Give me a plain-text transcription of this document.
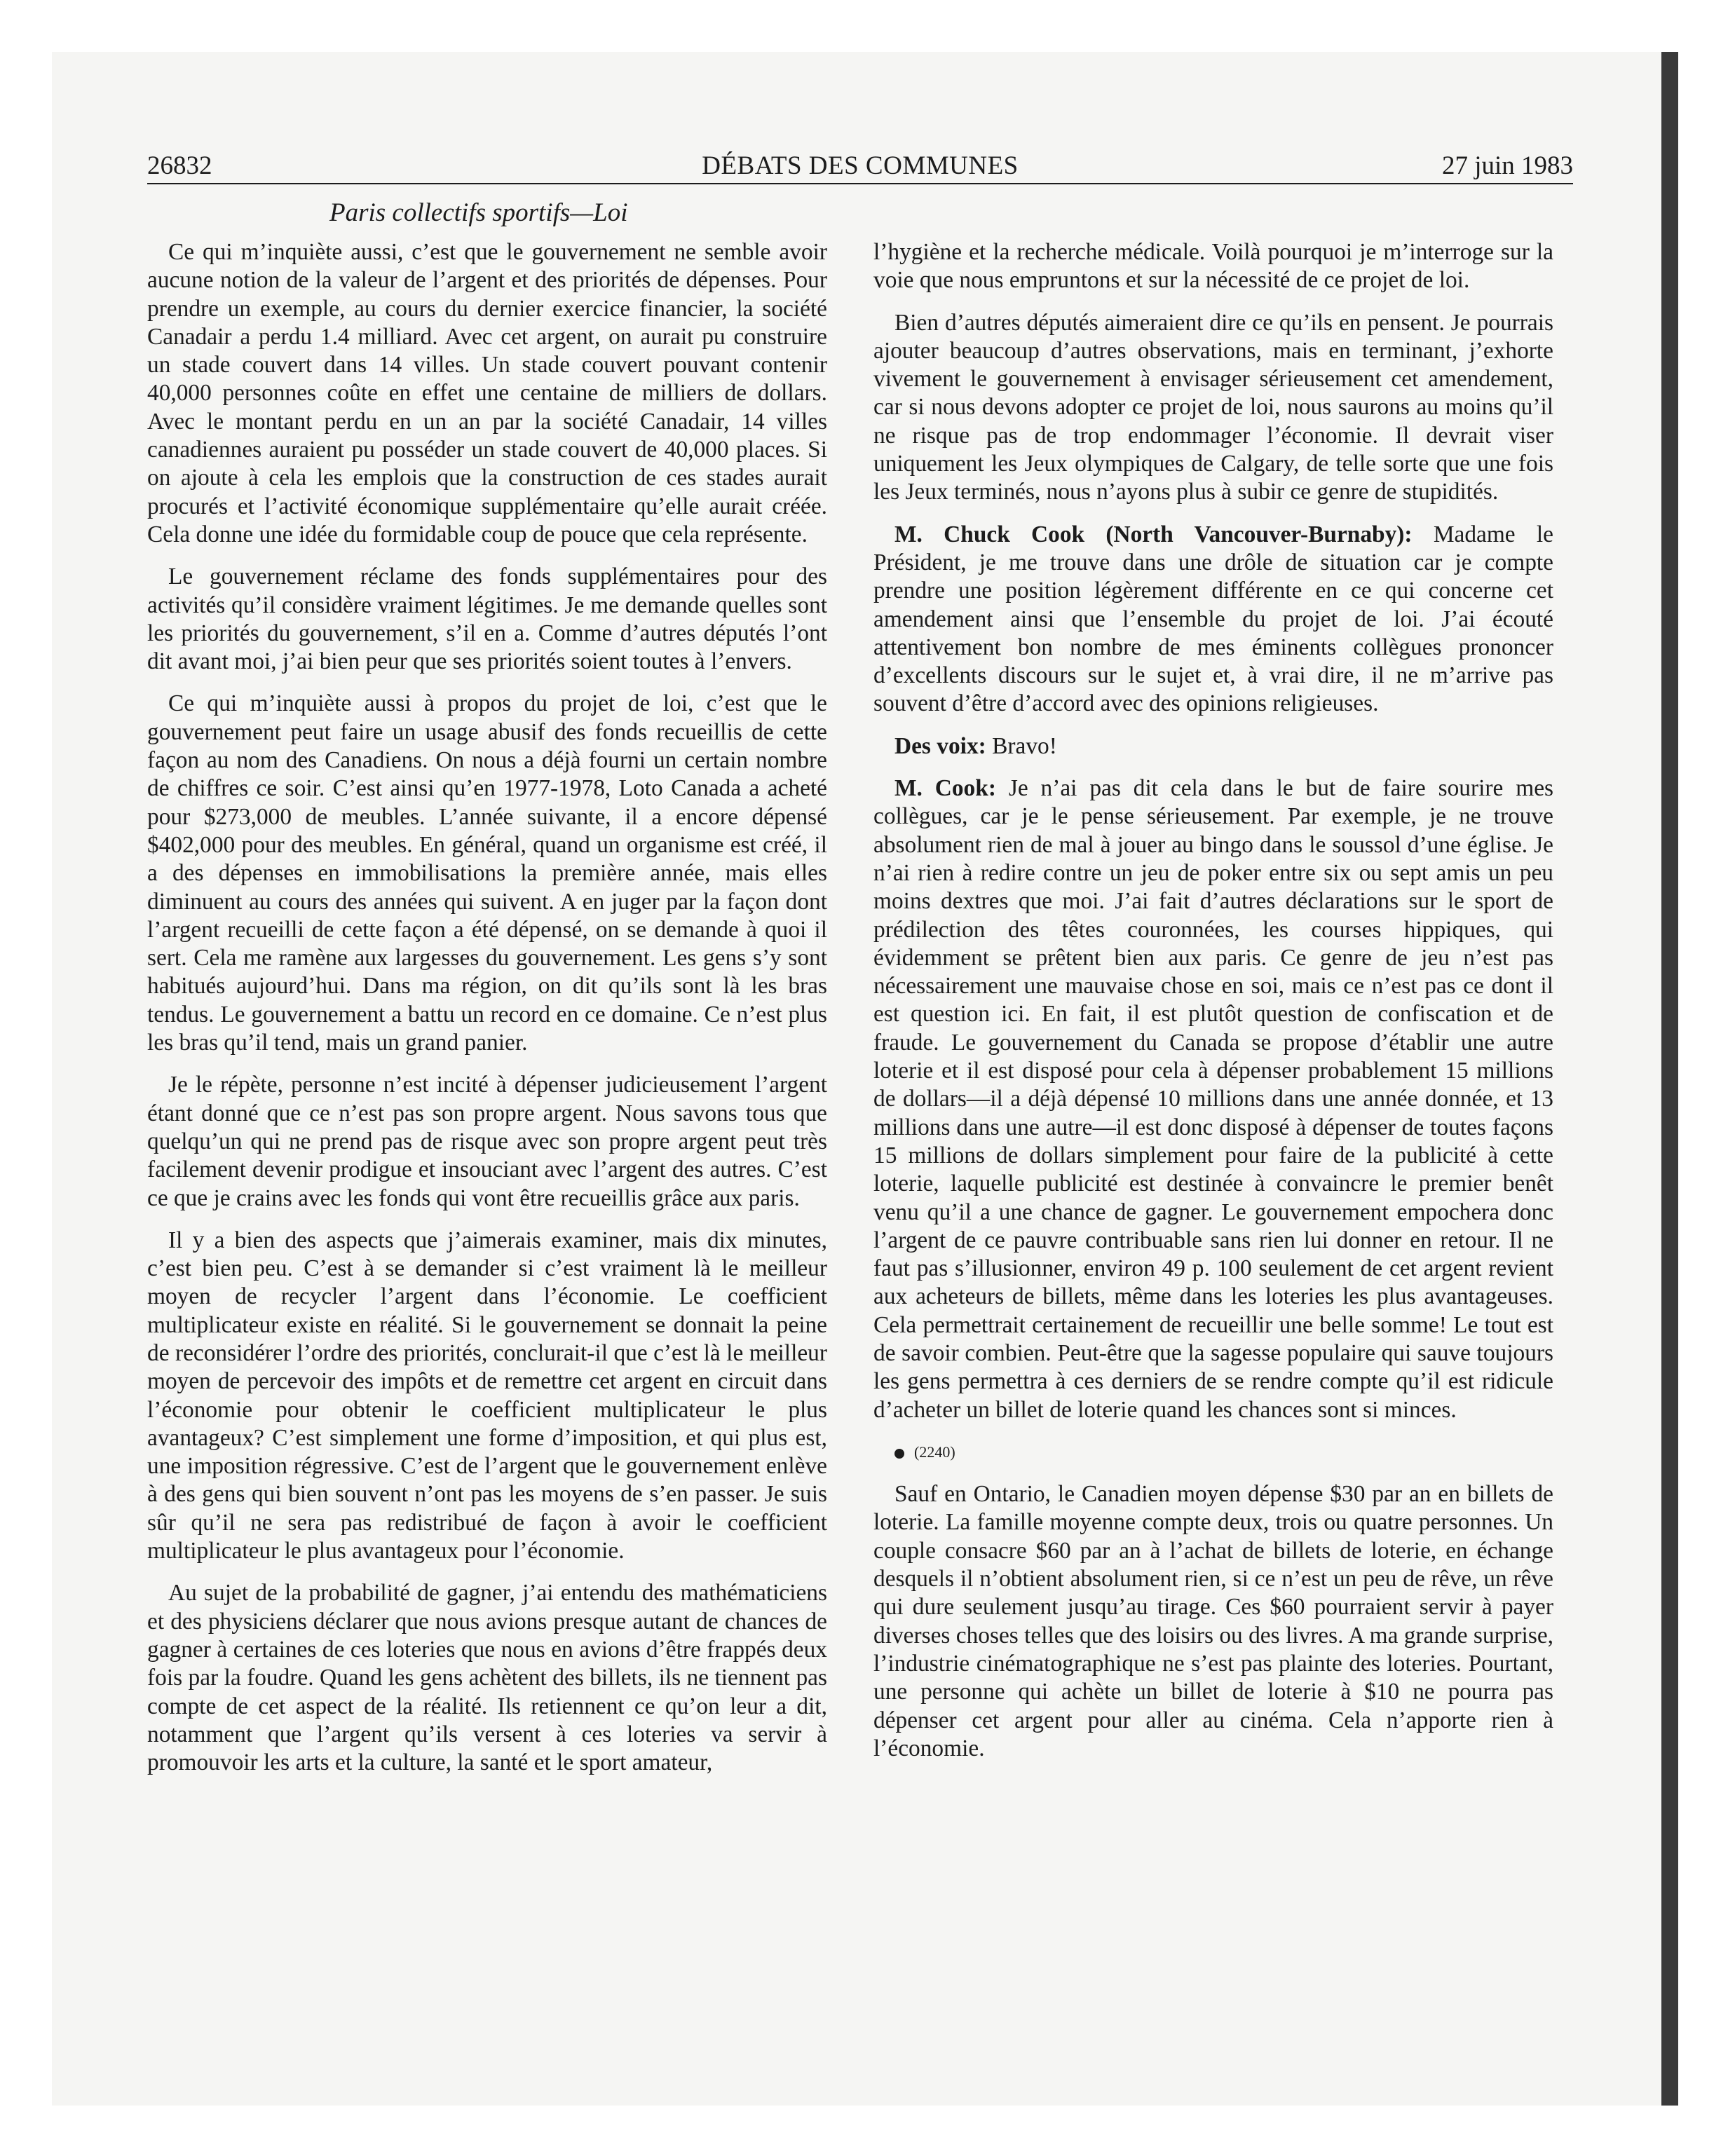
DÉBATS DES COMMUNES
26832	27 juin 1983
Paris collectifs sportifs—Loi

Ce qui m’inquiète aussi, c’est que le gouvernement ne semble avoir aucune notion de la valeur de l’argent et des priorités de dépenses. Pour prendre un exemple, au cours du dernier exercice financier, la société Canadair a perdu 1.4 milliard. Avec cet argent, on aurait pu construire un stade couvert dans 14 villes. Un stade couvert pouvant contenir 40,000 personnes coûte en effet une centaine de milliers de dollars. Avec le montant perdu en un an par la société Canadair, 14 villes canadiennes auraient pu posséder un stade couvert de 40,000 places. Si on ajoute à cela les emplois que la construction de ces stades aurait procurés et l’activité économique supplémentaire qu’elle aurait créée. Cela donne une idée du formidable coup de pouce que cela représente.

Le gouvernement réclame des fonds supplémentaires pour des activités qu’il considère vraiment légitimes. Je me demande quelles sont les priorités du gouvernement, s’il en a. Comme d’autres députés l’ont dit avant moi, j’ai bien peur que ses priorités soient toutes à l’envers.

Ce qui m’inquiète aussi à propos du projet de loi, c’est que le gouvernement peut faire un usage abusif des fonds recueillis de cette façon au nom des Canadiens. On nous a déjà fourni un certain nombre de chiffres ce soir. C’est ainsi qu’en 1977-1978, Loto Canada a acheté pour $273,000 de meubles. L’année suivante, il a encore dépensé $402,000 pour des meubles. En général, quand un organisme est créé, il a des dépenses en immobilisations la première année, mais elles diminuent au cours des années qui suivent. A en juger par la façon dont l’argent recueilli de cette façon a été dépensé, on se demande à quoi il sert. Cela me ramène aux largesses du gouvernement. Les gens s’y sont habitués aujourd’hui. Dans ma région, on dit qu’ils sont là les bras tendus. Le gouvernement a battu un record en ce domaine. Ce n’est plus les bras qu’il tend, mais un grand panier.

Je le répète, personne n’est incité à dépenser judicieusement l’argent étant donné que ce n’est pas son propre argent. Nous savons tous que quelqu’un qui ne prend pas de risque avec son propre argent peut très facilement devenir prodigue et insouciant avec l’argent des autres. C’est ce que je crains avec les fonds qui vont être recueillis grâce aux paris.

Il y a bien des aspects que j’aimerais examiner, mais dix minutes, c’est bien peu. C’est à se demander si c’est vraiment là le meilleur moyen de recycler l’argent dans l’économie. Le coefficient multiplicateur existe en réalité. Si le gouvernement se donnait la peine de reconsidérer l’ordre des priorités, conclurait-il que c’est là le meilleur moyen de percevoir des impôts et de remettre cet argent en circuit dans l’économie pour obtenir le coefficient multiplicateur le plus avantageux? C’est simplement une forme d’imposition, et qui plus est, une imposition régressive. C’est de l’argent que le gouvernement enlève à des gens qui bien souvent n’ont pas les moyens de s’en passer. Je suis sûr qu’il ne sera pas redistribué de façon à avoir le coefficient multiplicateur le plus avantageux pour l’économie.

Au sujet de la probabilité de gagner, j’ai entendu des mathématiciens et des physiciens déclarer que nous avions presque autant de chances de gagner à certaines de ces loteries que nous en avions d’être frappés deux fois par la foudre. Quand les gens achètent des billets, ils ne tiennent pas compte de cet aspect de la réalité. Ils retiennent ce qu’on leur a dit, notamment que l’argent qu’ils versent à ces loteries va servir à promouvoir les arts et la culture, la santé et le sport amateur,

l’hygiène et la recherche médicale. Voilà pourquoi je m’interroge sur la voie que nous empruntons et sur la nécessité de ce projet de loi.

Bien d’autres députés aimeraient dire ce qu’ils en pensent. Je pourrais ajouter beaucoup d’autres observations, mais en terminant, j’exhorte vivement le gouvernement à envisager sérieusement cet amendement, car si nous devons adopter ce projet de loi, nous saurons au moins qu’il ne risque pas de trop endommager l’économie. Il devrait viser uniquement les Jeux olympiques de Calgary, de telle sorte que une fois les Jeux terminés, nous n’ayons plus à subir ce genre de stupidités.

M. Chuck Cook (North Vancouver-Burnaby): Madame le Président, je me trouve dans une drôle de situation car je compte prendre une position légèrement différente en ce qui concerne cet amendement ainsi que l’ensemble du projet de loi. J’ai écouté attentivement bon nombre de mes éminents collègues prononcer d’excellents discours sur le sujet et, à vrai dire, il ne m’arrive pas souvent d’être d’accord avec des opinions religieuses.

Des voix: Bravo!

M. Cook: Je n’ai pas dit cela dans le but de faire sourire mes collègues, car je le pense sérieusement. Par exemple, je ne trouve absolument rien de mal à jouer au bingo dans le soussol d’une église. Je n’ai rien à redire contre un jeu de poker entre six ou sept amis un peu moins dextres que moi. J’ai fait d’autres déclarations sur le sport de prédilection des têtes couronnées, les courses hippiques, qui évidemment se prêtent bien aux paris. Ce genre de jeu n’est pas nécessairement une mauvaise chose en soi, mais ce n’est pas ce dont il est question ici. En fait, il est plutôt question de confiscation et de fraude. Le gouvernement du Canada se propose d’établir une autre loterie et il est disposé pour cela à dépenser probablement 15 millions de dollars—il a déjà dépensé 10 millions dans une année donnée, et 13 millions dans une autre—il est donc disposé à dépenser de toutes façons 15 millions de dollars simplement pour faire de la publicité à cette loterie, laquelle publicité est destinée à convaincre le premier benêt venu qu’il a une chance de gagner. Le gouvernement empochera donc l’argent de ce pauvre contribuable sans rien lui donner en retour. Il ne faut pas s’illusionner, environ 49 p. 100 seulement de cet argent revient aux acheteurs de billets, même dans les loteries les plus avantageuses. Cela permettrait certainement de recueillir une belle somme! Le tout est de savoir combien. Peut-être que la sagesse populaire qui sauve toujours les gens permettra à ces derniers de se rendre compte qu’il est ridicule d’acheter un billet de loterie quand les chances sont si minces.

(2240)

Sauf en Ontario, le Canadien moyen dépense $30 par an en billets de loterie. La famille moyenne compte deux, trois ou quatre personnes. Un couple consacre $60 par an à l’achat de billets de loterie, en échange desquels il n’obtient absolument rien, si ce n’est un peu de rêve, un rêve qui dure seulement jusqu’au tirage. Ces $60 pourraient servir à payer diverses choses telles que des loisirs ou des livres. A ma grande surprise, l’industrie cinématographique ne s’est pas plainte des loteries. Pourtant, une personne qui achète un billet de loterie à $10 ne pourra pas dépenser cet argent pour aller au cinéma. Cela n’apporte rien à l’économie.
